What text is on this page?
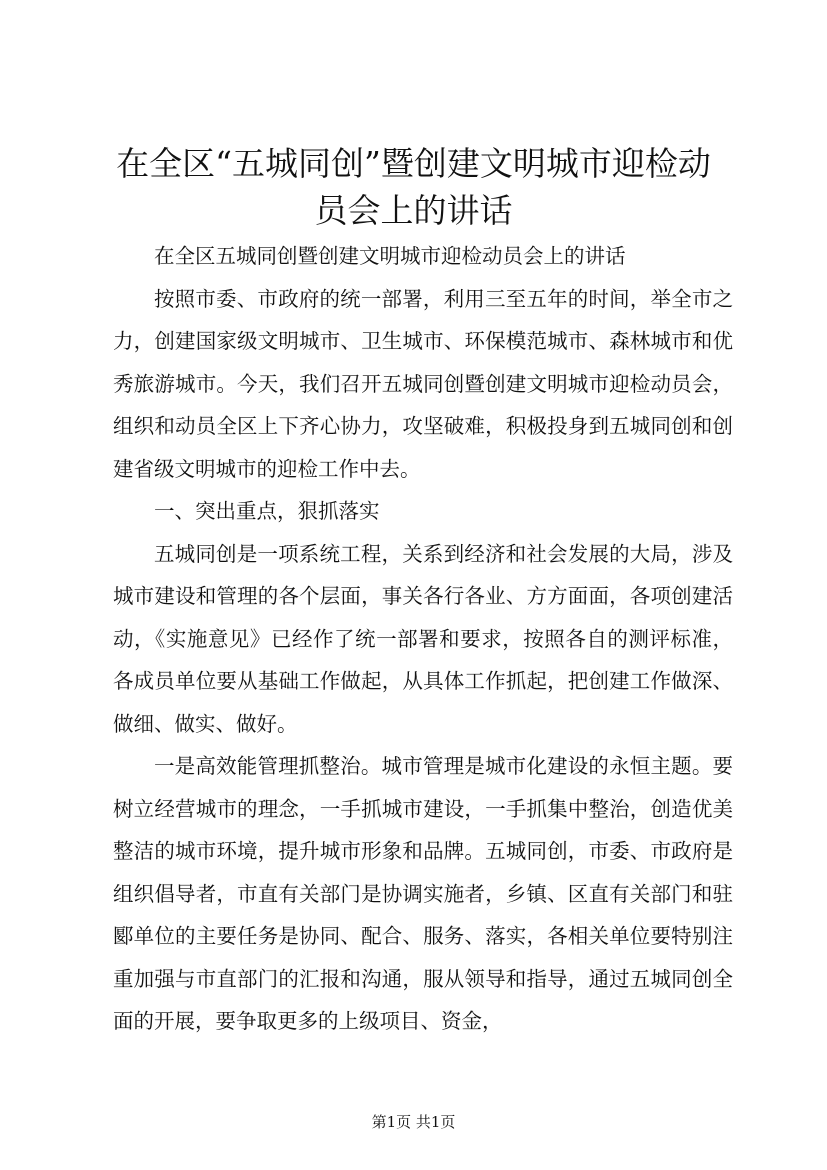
在全区“五城同创”暨创建文明城市迎检动员会上的讲话

在全区五城同创暨创建文明城市迎检动员会上的讲话

按照市委、市政府的统一部署，利用三至五年的时间，举全市之力，创建国家级文明城市、卫生城市、环保模范城市、森林城市和优秀旅游城市。今天，我们召开五城同创暨创建文明城市迎检动员会，组织和动员全区上下齐心协力，攻坚破难，积极投身到五城同创和创建省级文明城市的迎检工作中去。

一、突出重点，狠抓落实

五城同创是一项系统工程，关系到经济和社会发展的大局，涉及城市建设和管理的各个层面，事关各行各业、方方面面，各项创建活动，《实施意见》已经作了统一部署和要求，按照各自的测评标准，各成员单位要从基础工作做起，从具体工作抓起，把创建工作做深、做细、做实、做好。

一是高效能管理抓整治。城市管理是城市化建设的永恒主题。要树立经营城市的理念，一手抓城市建设，一手抓集中整治，创造优美整洁的城市环境，提升城市形象和品牌。五城同创，市委、市政府是组织倡导者，市直有关部门是协调实施者，乡镇、区直有关部门和驻郾单位的主要任务是协同、配合、服务、落实，各相关单位要特别注重加强与市直部门的汇报和沟通，服从领导和指导，通过五城同创全面的开展，要争取更多的上级项目、资金，

第1页 共1页
